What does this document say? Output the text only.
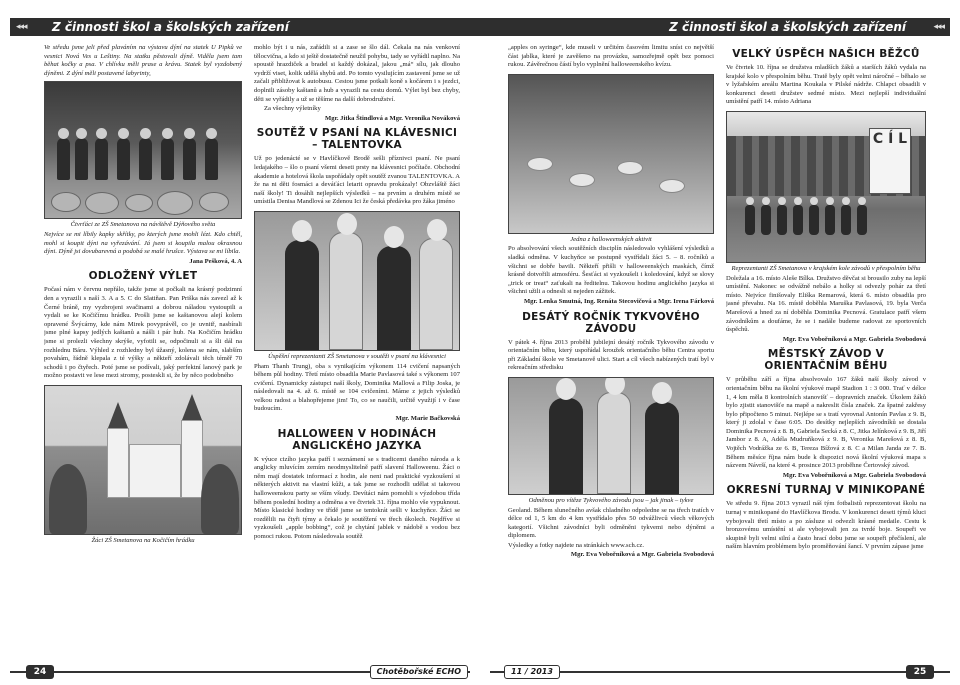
◂◂◂ Z činnosti škol a školských zařízení

Ve středu jsme jeli před plaváním na výstavu dýní na statek U Pipků ve vesnici Nová Ves u Leštiny. Na statku pěstovali dýně. Viděla jsem tam běhat kočky a psa. V chlívku měli prase a krávu. Statek byl vyzdobený dýněmi. Z dýní měli postavené labyrinty,

Čtvrťáci ze ZŠ Smetanova na návštěvě Dýňového světa

Nejvíce se mi líbily kapky skřítky, po kterých jsme mohli lézt. Kdo chtěl, mohl si koupit dýni na vyřezávání. Já jsem si koupila malou okrasnou dýni. Dýně jsi dovubarevná a podobá se malé hrušce. Výstava se mi líbila.

Jana Pešková, 4. A

ODLOŽENÝ VÝLET

Počasí nám v červnu nepřálo, takže jsme si počkali na krásný podzimní den a vyrazili s naší 3. A a 5. C do Slatiňan. Pan Priška nás zavezl až k Černé bráně, my vyzbrojeni svačinami a dobrou náladou vystoupili a vydali se ke Kočičímu hrádku. Prošli jsme se kaštanovou alejí kolem opravené Švýcárny, kde nám Mirek povyprávěl, co je uvnitř, nasbírali jsme plné kapsy jedlých kaštanů a nášli i pár hub. Na Kočičím hrádku jsme si prolezli všechny skrýše, vyfotili se, odpočinuli si a šli dál na rozhlednu Báru. Výhled z rozhledny byl úžasný, kolena se nám, slabším povahám, řádně klepala z té výšky a někteří zdolávali těch téměř 70 schodů i po čtyřech. Poté jsme se podívali, jaký perfektní lanový park je možno postavit ve lese mezi stromy, posteskli si, že by něco podobného

Žáci ZŠ Smetanova na Kočičím hrádku

mohlo být i u nás, zařádili si a zase se šlo dál. Čekala na nás venkovní tělocvična, a kdo si ještě dostatečně neužil pohybu, tady se vyřádil naplno. Na spoustě hrazdiček a bradel si každý dokázal, jakou „má“ sílu, jak dlouho vydrží viset, kolik udělá shybů atd. Po tomto vysilujícím zastavení jsme se už začali přibližovat k autobusu. Cestou jsme potkali koně s kočárem i s jezdci, doplnili zásoby kaštanů a hub a vyrazili na cestu domů. Výlet byl bez chyby, děti se vyřádily a už se těšíme na další dobrodružství.

Za všechny výletníky

Mgr. Jitka Štindlová a Mgr. Veronika Nováková

SOUTĚŽ V PSANÍ NA KLÁVESNICI – TALENTOVKA

Už po jedenácté se v Havlíčkově Brodě sešli příznivci psaní. Ne psaní ledajakého – šlo o psaní všemi deseti prsty na klávesnici počítače. Obchodní akademie a hotelová škola uspořádaly opět soutěž zvanou TALENTOVKA. A že na ni děti fosmáci a deváťáci letarit opravdu prokázaly! Obzvláště žáci naší školy! Ti dosáhli nejlepších výsledků – na prvním a druhém místě se umístila Denisa Mandlová se Zdenou Ici že česká předávka pro žáka jiméno

Úspěšní reprezentanti ZŠ Smetanova v soutěži v psaní na klávesnici

Pham Thanh Trung), oba s vynikajícím výkonem 114 cvičení napsaných během půl hodiny. Třetí místo obsadila Marie Pavlasová také s výkonem 107 cvičení. Dynamicky zástupci naší školy, Dominika Mallová a Filip Joska, je následovali na 4. až 6. místě se 104 cvičeními. Máme z jejich výsledků velkou radost a blahopřejeme jim! To, co se naučili, určitě využijí i v čase budoucím.

Mgr. Marie Bačkovská

HALLOWEEN V HODINÁCH ANGLICKÉHO JAZYKA

K výuce cizího jazyka patří i seznámení se s tradicemi daného národa a k anglicky mluvícím zemím neodmyslitelně patří slavení Halloweenu. Žáci o něm mají dostatek informací z hodin, ale neni nad praktické vyzkoušení si některých aktivit na vlastní kůži, a tak jsme se rozhodli udělat si takovou halloweenskou party se vším všudy. Devítáci nám pomohli s výzdobou třída během poslední hodiny a odměna a ve čtvrtek 31. října mohlo vše vypuknout. Místo klasické hodiny ve třídě jsme se tentokrát sešli v kuchyňce. Žáci se rozdělili na čtyři týmy a čekalo je soutěžení ve třech úkolech. Nejdříve si vyzkoušeli „apple bobbing“, což je chytání jablek v nádobě s vodou bez pomoci rukou. Potom následovala soutěž

24	Chotěbořské ECHO
Z činnosti škol a školských zařízení	◂◂◂

„apples on syringe“, kde museli v určitém časovém limitu sníst co největší část jablka, které je zavěšeno na provázku, samozřejmě opět bez pomoci rukou. Závěrečnou částí bylo vyplnění halloweenského kvízu.

Jedna z halloweenských aktivit

Po absolvování všech soutěžních disciplín následovalo vyhlášení výsledků a sladká odměna. V kuchyňce se postupně vystřídali žáci 5. – 8. ročníků a všichni se dobře bavili. Někteří přišli v halloweenských maskách, čímž krásně dotvořili atmosféru. Šesťáci si vyzkoušeli i koledování, když se slovy „trick or treat“ zaťukali na ředitelnu. Takovou hodinu anglického jazyka si všichni užili a odnesli si nejeden zážitek.

Mgr. Lenka Smutná, Ing. Renáta Stecovičová a Mgr. Irena Fárková

DESÁTÝ ROČNÍK TYKVOVÉHO ZÁVODU

V pátek 4. října 2013 proběhl jubilejní desátý ročník Tykvového závodu v orientačním běhu, který uspořádal kroužek orientačního běhu Centra sportu při Základní škole ve Smetanově ulici. Start a cíl všech nabízených tratí byl v rekreačním středisku

Odměnou pro vítěze Tykvového závodu jsou – jak jinak – tykve

Geoland. Během slunečného avšak chladného odpoledne se na třech tratích v délce od 1, 5 km do 4 km vystřídalo přes 50 odvážlivců všech věkových kategorií. Všichni závodníci byli odměněni tykvemi nebo dýněmi a diplomem.

Výsledky a fotky najdete na stránkách www.sch.cz.

Mgr. Eva Vobořníková a Mgr. Gabriela Svobodová

VELKÝ ÚSPĚCH NAŠICH BĚŽCŮ

Ve čtvrtek 10. října se družstva mladších žáků a starších žáků vydala na krajské kolo v přespolním běhu. Tratě byly opět velmi náročné – běhalo se v lyžařském areálu Martina Koukala v Pilské nádrže. Chlapci obsadili v konkurenci deseti družstev sedmé místo. Mezi nejlepší individuální umístění patří 14. místo Adriana

C Í L

Reprezentanti ZŠ Smetanova v krajském kole závodů v přespolním běhu

Doležala a 16. místo Aleše Bílka. Družstvo děvčat si brousilo zuby na lepší umístění. Nakonec se odvážně nebálo a holky si odvezly pohár za třetí místo. Nejvíce finišovaly Eliška Remarová, která 6. místo obsadila pro jasné převahu. Na 16. místě doběhla Maruška Pavlasová, 19. byla Verča Marešová a hned za ní doběhla Dominika Pecnová. Gratulace patří všem závodníkům a doufáme, že se i nadále budeme radovat ze sportovních úspěchů.

Mgr. Eva Vobořníková a Mgr. Gabriela Svobodová

MĚSTSKÝ ZÁVOD V ORIENTAČNÍM BĚHU

V průběhu září a října absolvovalo 167 žáků naší školy závod v orientačním běhu na školní výukové mapě Stadion 1 : 3 000. Trať v délce 1, 4 km měla 8 kontrolních stanovišť – dopravních značek. Úkolem žáků bylo zjistit stanovišťe na mapě a nakreslit čísla značek. Za špatné zakřesy bylo připočteno 5 minut. Nejlépe se s tratí vyrovnal Antonín Pavlas z 9. B, který ji zdolal v čase 6:05. Do desítky nejlepších závodníků se dostala Dominika Pecnová z 8. B, Gabriela Secká z 8. C, Jitka Jelínková z 9. B, Jiří Jambor z 8. A, Adéla Mudruňková z 9. B, Veronika Marešová z 8. B, Vojtěch Vodrážka ze 6. B, Tereza Bížová z 8. C a Milan Janda ze 7. B. Během měsíce října nám bude k dispozici nová školní výuková mapa s názvem Návrší, na které 4. prosince 2013 proběhne Čertovský závod.

Mgr. Eva Vobořníková a Mgr. Gabriela Svobodová

OKRESNÍ TURNAJ V MINIKOPANÉ

Ve středu 9. října 2013 vyrazil náš tým fotbalistů reprezentovat školu na turnaj v minikopané do Havlíčkova Brodu. V konkurenci deseti týmů kluci vybojovali třetí místo a po zásluze si odvezli krásné medaile. Cestu k bronzovému umístění si ale vybojovali jen za tvrdé boje. Soupeři ve skupině byli velmi silní a často hrací dobu jsme se soupeři přečíslení, ale naším hlavním problémem bylo proměňování šancí. V prvním zápase jsme

11 / 2013	25
